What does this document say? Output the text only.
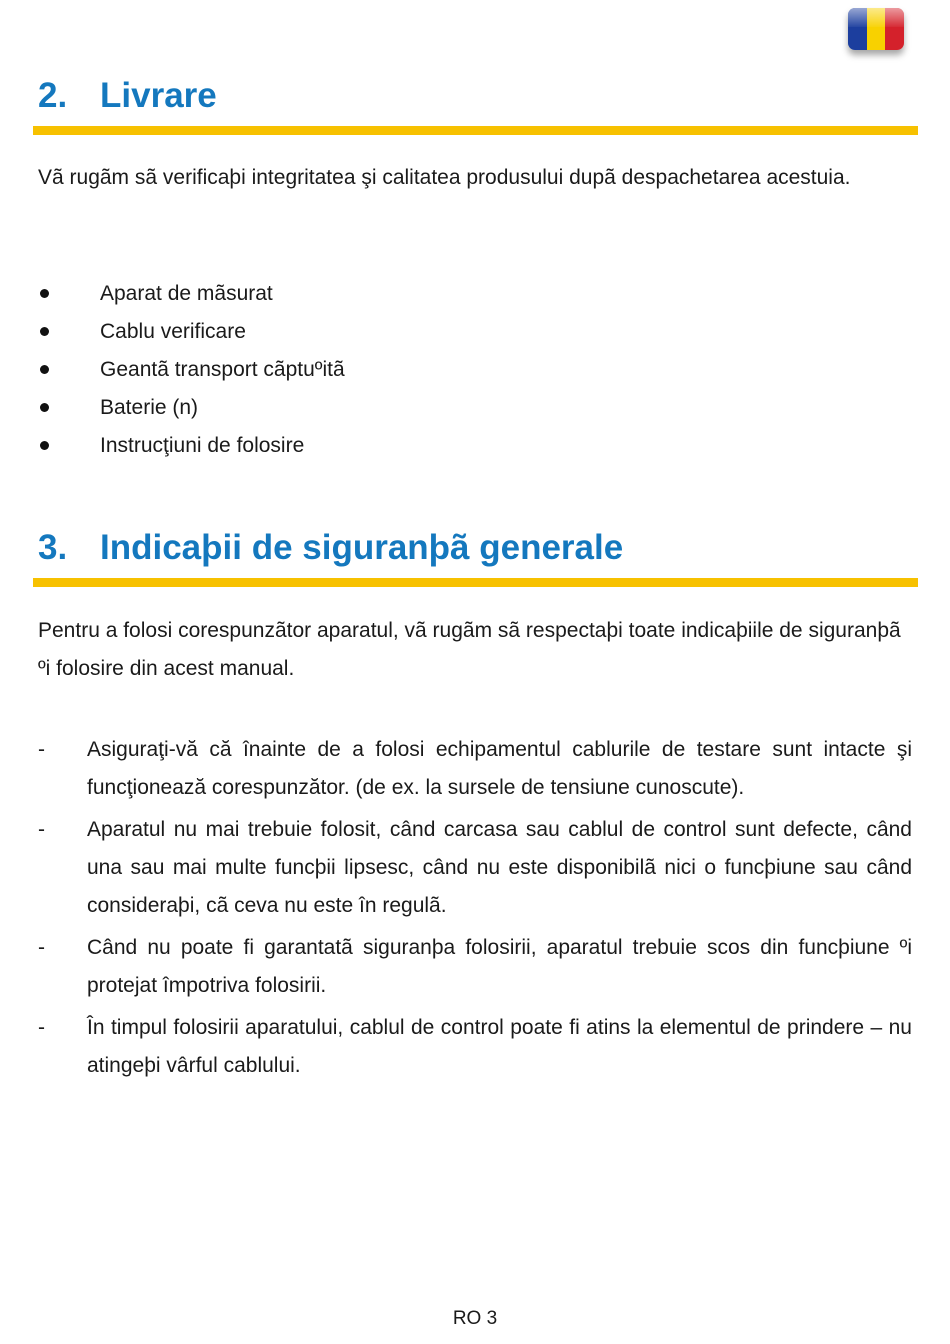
2. Livrare

Vã rugãm sã verificaþi integritatea şi calitatea produsului dupã despachetarea acestuia.

Aparat de mãsurat
Cablu verificare
Geantã transport cãptuºitã
Baterie (n)
Instrucţiuni de folosire
3. Indicaþii de siguranþã generale

Pentru a folosi corespunzãtor aparatul, vã rugãm sã respectaþi toate indicaþiile de siguranþã ºi folosire din acest manual.

- Asiguraţi-vă că înainte de a folosi echipamentul cablurile de testare sunt intacte şi funcţionează corespunzător. (de ex. la sursele de tensiune cunoscute).
- Aparatul nu mai trebuie folosit, când carcasa sau cablul de control sunt defecte, când una sau mai multe funcþii lipsesc, când nu este disponibilã nici o funcþiune sau când consideraþi, cã ceva nu este în regulã.
- Când nu poate fi garantatã siguranþa folosirii, aparatul trebuie scos din funcþiune ºi protejat împotriva folosirii.
- În timpul folosirii aparatului, cablul de control poate fi atins la elementul de prindere – nu atingeþi vârful cablului.
RO 3
